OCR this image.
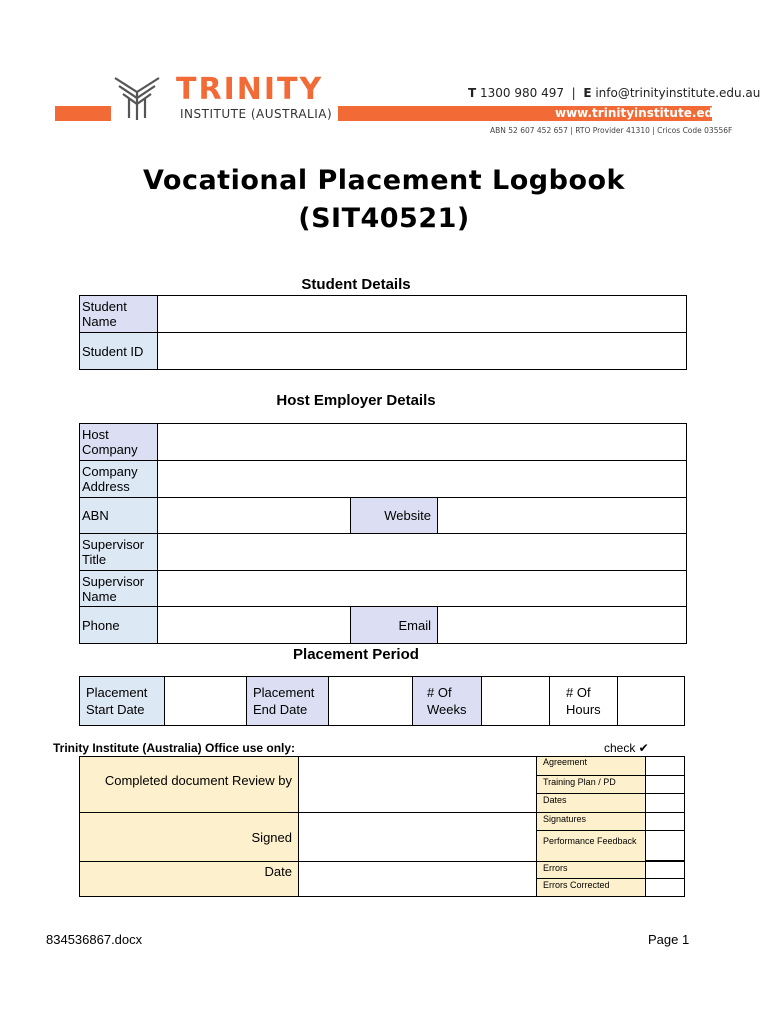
TRINITY
INSTITUTE (AUSTRALIA)
T 1300 980 497  |  E info@trinityinstitute.edu.au
www.trinityinstitute.edu.au
ABN 52 607 452 657 | RTO Provider 41310 | Cricos Code 03556F
Vocational Placement Logbook
(SIT40521)
Student Details
Student Name	
Student ID	
Host Employer Details
Host Company			
Company Address			
ABN		Website	
Supervisor Title			
Supervisor Name			
Phone		Email	
Placement Period
Placement Start Date		Placement End Date		# Of Weeks		# Of Hours	
Trinity Institute (Australia) Office use only:	check ✔
Completed document Review by		Agreement	
		Training Plan / PD	
		Dates	
Signed		Signatures	
		Performance Feedback	

Date		Errors	
		Errors Corrected	
834536867.docx	Page 1
